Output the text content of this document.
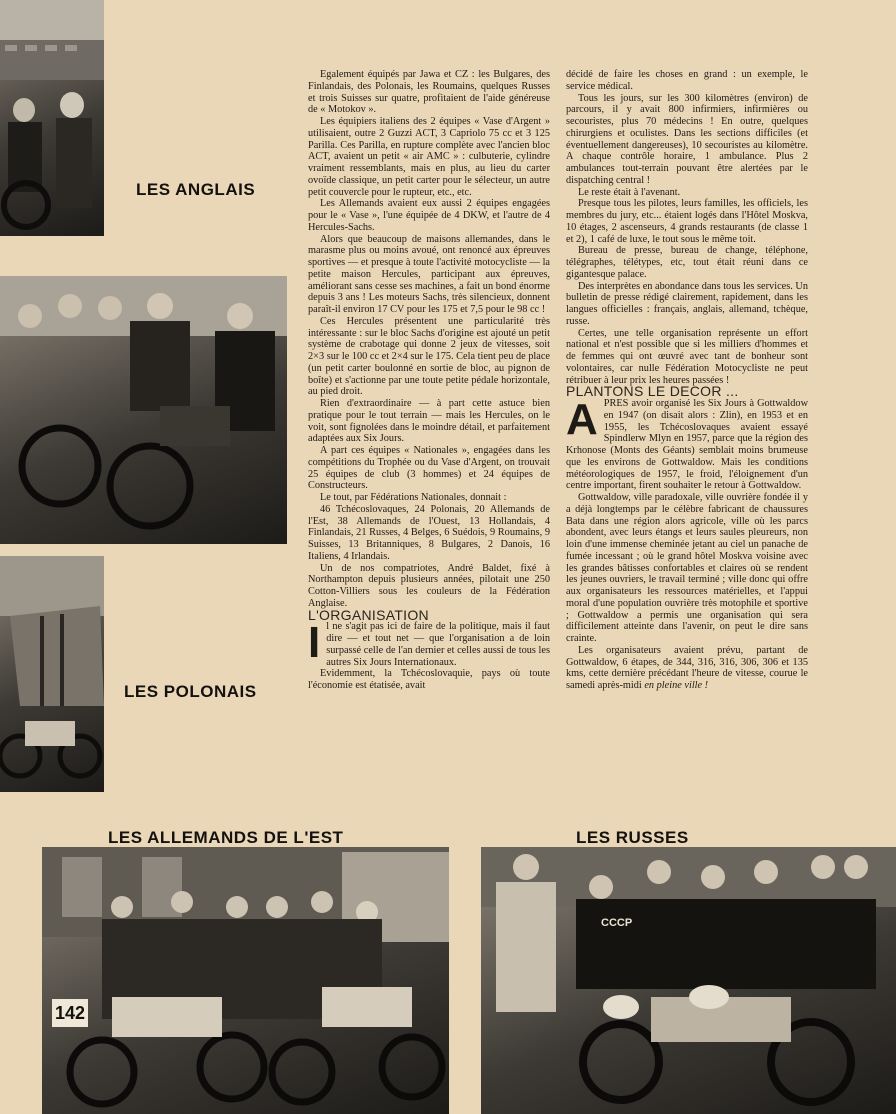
142
CCCP
LES ANGLAIS
LES POLONAIS
LES ALLEMANDS DE L'EST	LES RUSSES

Egalement équipés par Jawa et CZ : les Bulgares, des Finlandais, des Polonais, les Roumains, quelques Russes et trois Suisses sur quatre, profitaient de l'aide généreuse de « Motokov ».

Les équipiers italiens des 2 équipes « Vase d'Argent » utilisaient, outre 2 Guzzi ACT, 3 Capriolo 75 cc et 3 125 Parilla. Ces Parilla, en rupture complète avec l'ancien bloc ACT, avaient un petit « air AMC » : culbuterie, cylindre vraiment ressemblants, mais en plus, au lieu du carter ovoïde classique, un petit carter pour le sélecteur, un autre petit couvercle pour le rupteur, etc., etc.

Les Allemands avaient eux aussi 2 équipes engagées pour le « Vase », l'une équipée de 4 DKW, et l'autre de 4 Hercules-Sachs.

Alors que beaucoup de maisons allemandes, dans le marasme plus ou moins avoué, ont renoncé aux épreuves sportives — et presque à toute l'activité motocycliste — la petite maison Hercules, participant aux épreuves, améliorant sans cesse ses machines, a fait un bond énorme depuis 3 ans ! Les moteurs Sachs, très silencieux, donnent paraît-il environ 17 CV pour les 175 et 7,5 pour le 98 cc !

Ces Hercules présentent une particularité très intéressante : sur le bloc Sachs d'origine est ajouté un petit système de crabotage qui donne 2 jeux de vitesses, soit 2×3 sur le 100 cc et 2×4 sur le 175. Cela tient peu de place (un petit carter boulonné en sortie de bloc, au pignon de boîte) et s'actionne par une toute petite pédale horizontale, au pied droit.

Rien d'extraordinaire — à part cette astuce bien pratique pour le tout terrain — mais les Hercules, on le voit, sont fignolées dans le moindre détail, et parfaitement adaptées aux Six Jours.

A part ces équipes « Nationales », engagées dans les compétitions du Trophée ou du Vase d'Argent, on trouvait 25 équipes de club (3 hommes) et 24 équipes de Constructeurs.

Le tout, par Fédérations Nationales, donnait :

46 Tchécoslovaques, 24 Polonais, 20 Allemands de l'Est, 38 Allemands de l'Ouest, 13 Hollandais, 4 Finlandais, 21 Russes, 4 Belges, 6 Suédois, 9 Roumains, 9 Suisses, 13 Britanniques, 8 Bulgares, 2 Danois, 16 Italiens, 4 Irlandais.

Un de nos compatriotes, André Baldet, fixé à Northampton depuis plusieurs années, pilotait une 250 Cotton-Villiers sous les couleurs de la Fédération Anglaise.

L'ORGANISATION

Il ne s'agit pas ici de faire de la politique, mais il faut dire — et tout net — que l'organisation a de loin surpassé celle de l'an dernier et celles aussi de tous les autres Six Jours Internationaux.

Evidemment, la Tchécoslovaquie, pays où toute l'économie est étatisée, avait

décidé de faire les choses en grand : un exemple, le service médical.

Tous les jours, sur les 300 kilomètres (environ) de parcours, il y avait 800 infirmiers, infirmières ou secouristes, plus 70 médecins ! En outre, quelques chirurgiens et oculistes. Dans les sections difficiles (et éventuellement dangereuses), 10 secouristes au kilomètre. A chaque contrôle horaire, 1 ambulance. Plus 2 ambulances tout-terrain pouvant être alertées par le dispatching central !

Le reste était à l'avenant.

Presque tous les pilotes, leurs familles, les officiels, les membres du jury, etc... étaient logés dans l'Hôtel Moskva, 10 étages, 2 ascenseurs, 4 grands restaurants (de classe 1 et 2), 1 café de luxe, le tout sous le même toit.

Bureau de presse, bureau de change, téléphone, télégraphes, télétypes, etc, tout était réuni dans ce gigantesque palace.

Des interprètes en abondance dans tous les services. Un bulletin de presse rédigé clairement, rapidement, dans les langues officielles : français, anglais, allemand, tchèque, russe.

Certes, une telle organisation représente un effort national et n'est possible que si les milliers d'hommes et de femmes qui ont œuvré avec tant de bonheur sont volontaires, car nulle Fédération Motocycliste ne peut rétribuer à leur prix les heures passées !

PLANTONS LE DECOR ...

APRES avoir organisé les Six Jours à Gottwaldow en 1947 (on disait alors : Zlin), en 1953 et en 1955, les Tchécoslovaques avaient essayé Spindlerw Mlyn en 1957, parce que la région des Krhonose (Monts des Géants) semblait moins brumeuse que les environs de Gottwaldow. Mais les conditions météorologiques de 1957, le froid, l'éloignement d'un centre important, firent souhaiter le retour à Gottwaldow.

Gottwaldow, ville paradoxale, ville ouvrière fondée il y a déjà longtemps par le célèbre fabricant de chaussures Bata dans une région alors agricole, ville où les parcs abondent, avec leurs étangs et leurs saules pleureurs, non loin d'une immense cheminée jetant au ciel un panache de fumée incessant ; où le grand hôtel Moskva voisine avec les grandes bâtisses confortables et claires où se rendent les jeunes ouvriers, le travail terminé ; ville donc qui offre aux organisateurs les ressources matérielles, et l'appui moral d'une population ouvrière très motophile et sportive ; Gottwaldow a permis une organisation qui sera difficilement atteinte dans l'avenir, on peut le dire sans crainte.

Les organisateurs avaient prévu, partant de Gottwaldow, 6 étapes, de 344, 316, 316, 306, 306 et 135 kms, cette dernière précédant l'heure de vitesse, courue le samedi après-midi en pleine ville !
